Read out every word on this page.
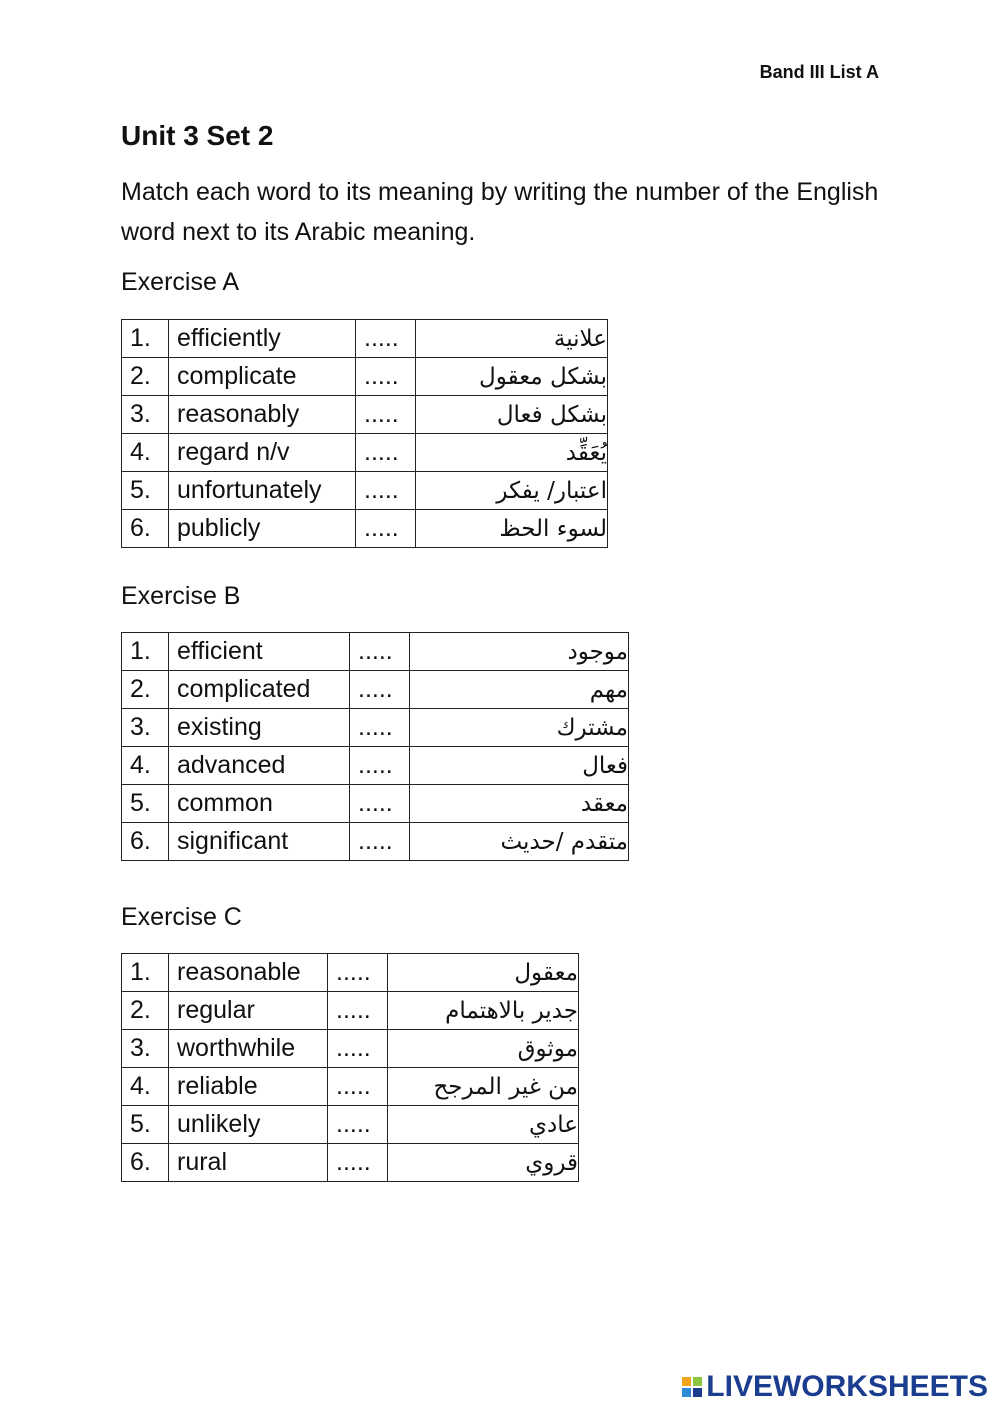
Band III List A
Unit 3 Set 2

Match each word to its meaning by writing the number of the English word next to its Arabic meaning.

Exercise A
1.	efficiently	.....	علانية
2.	complicate	.....	بشكل معقول
3.	reasonably	.....	بشكل فعال
4.	regard n/v	.....	يُعَقِّد
5.	unfortunately	.....	اعتبار/ يفكر
6.	publicly	.....	لسوء الحظ
Exercise B
1.	efficient	.....	موجود
2.	complicated	.....	مهم
3.	existing	.....	مشترك
4.	advanced	.....	فعال
5.	common	.....	معقد
6.	significant	.....	متقدم /حديث
Exercise C
1.	reasonable	.....	معقول
2.	regular	.....	جدير بالاهتمام
3.	worthwhile	.....	موثوق
4.	reliable	.....	من غير المرجح
5.	unlikely	.....	عادي
6.	rural	.....	قروي
LIVEWORKSHEETS
